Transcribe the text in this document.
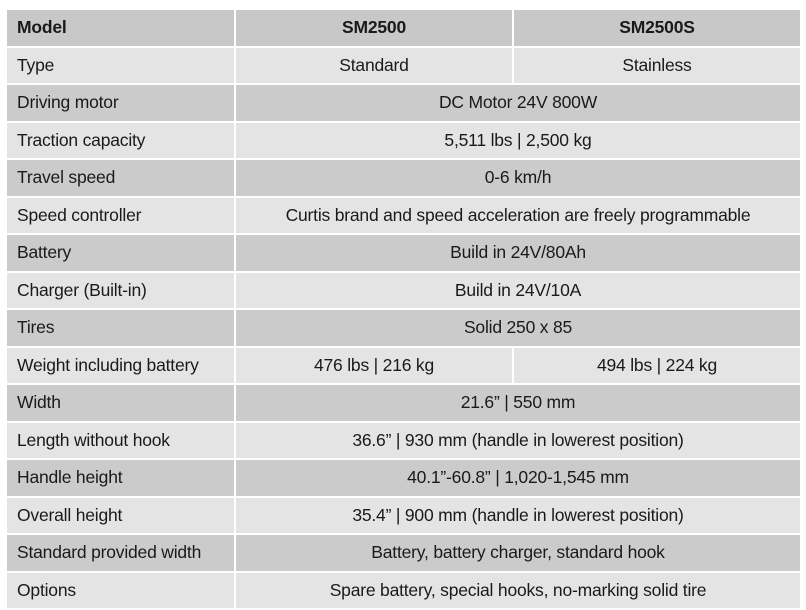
Model	SM2500	SM2500S
Type	Standard	Stainless
Driving motor	DC Motor 24V 800W	
Traction capacity	5,511 lbs | 2,500 kg	
Travel speed	0-6 km/h	
Speed controller	Curtis brand and speed acceleration are freely programmable	
Battery	Build in 24V/80Ah	
Charger (Built-in)	Build in 24V/10A	
Tires	Solid 250 x 85	
Weight including battery	476 lbs | 216 kg	494 lbs | 224 kg
Width	21.6” | 550 mm	
Length without hook	36.6” | 930 mm (handle in lowerest position)	
Handle height	40.1”-60.8” | 1,020-1,545 mm	
Overall height	35.4” | 900 mm (handle in lowerest position)	
Standard provided width	Battery, battery charger, standard hook	
Options	Spare battery, special hooks, no-marking solid tire	
